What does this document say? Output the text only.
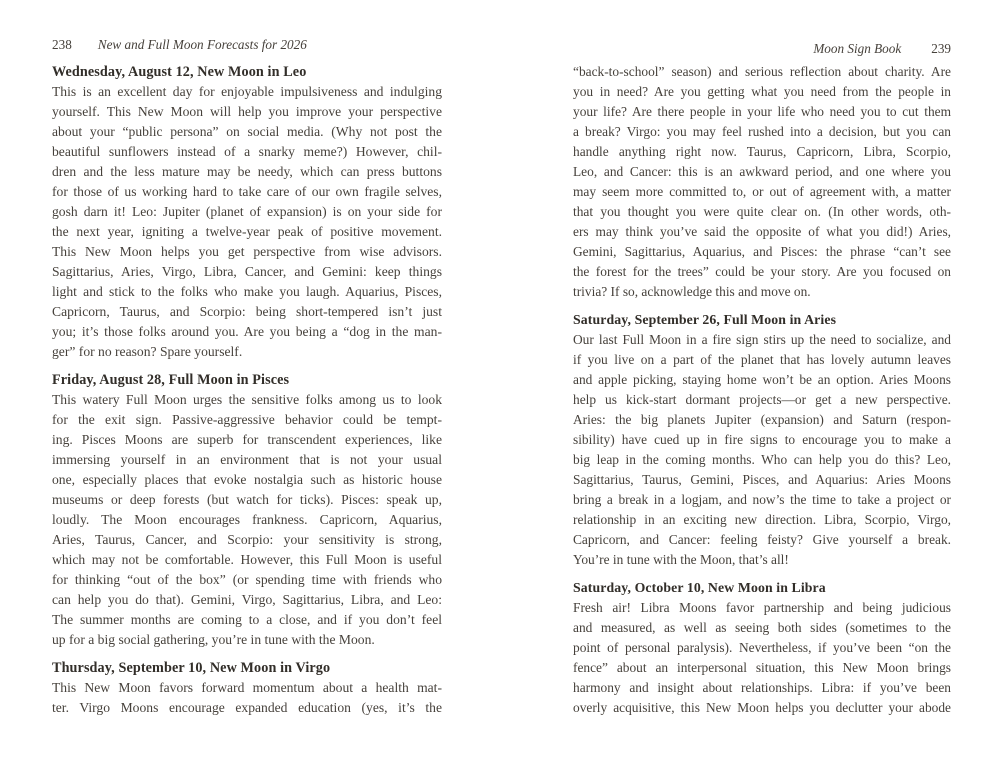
238 New and Full Moon Forecasts for 2026
Wednesday, August 12, New Moon in Leo
This is an excellent day for enjoyable impulsiveness and indulging
yourself. This New Moon will help you improve your perspective
about your “public persona” on social media. (Why not post the
beautiful sunflowers instead of a snarky meme?) However, chil-
dren and the less mature may be needy, which can press buttons
for those of us working hard to take care of our own fragile selves,
gosh darn it! Leo: Jupiter (planet of expansion) is on your side for
the next year, igniting a twelve-year peak of positive movement.
This New Moon helps you get perspective from wise advisors.
Sagittarius, Aries, Virgo, Libra, Cancer, and Gemini: keep things
light and stick to the folks who make you laugh. Aquarius, Pisces,
Capricorn, Taurus, and Scorpio: being short-tempered isn’t just
you; it’s those folks around you. Are you being a “dog in the man-
ger” for no reason? Spare yourself.
Friday, August 28, Full Moon in Pisces
This watery Full Moon urges the sensitive folks among us to look
for the exit sign. Passive-aggressive behavior could be tempt-
ing. Pisces Moons are superb for transcendent experiences, like
immersing yourself in an environment that is not your usual
one, especially places that evoke nostalgia such as historic house
museums or deep forests (but watch for ticks). Pisces: speak up,
loudly. The Moon encourages frankness. Capricorn, Aquarius,
Aries, Taurus, Cancer, and Scorpio: your sensitivity is strong,
which may not be comfortable. However, this Full Moon is useful
for thinking “out of the box” (or spending time with friends who
can help you do that). Gemini, Virgo, Sagittarius, Libra, and Leo:
The summer months are coming to a close, and if you don’t feel
up for a big social gathering, you’re in tune with the Moon.
Thursday, September 10, New Moon in Virgo
This New Moon favors forward momentum about a health mat-
ter. Virgo Moons encourage expanded education (yes, it’s the
Moon Sign Book 239
“back-to-school” season) and serious reflection about charity. Are
you in need? Are you getting what you need from the people in
your life? Are there people in your life who need you to cut them
a break? Virgo: you may feel rushed into a decision, but you can
handle anything right now. Taurus, Capricorn, Libra, Scorpio,
Leo, and Cancer: this is an awkward period, and one where you
may seem more committed to, or out of agreement with, a matter
that you thought you were quite clear on. (In other words, oth-
ers may think you’ve said the opposite of what you did!) Aries,
Gemini, Sagittarius, Aquarius, and Pisces: the phrase “can’t see
the forest for the trees” could be your story. Are you focused on
trivia? If so, acknowledge this and move on.
Saturday, September 26, Full Moon in Aries
Our last Full Moon in a fire sign stirs up the need to socialize, and
if you live on a part of the planet that has lovely autumn leaves
and apple picking, staying home won’t be an option. Aries Moons
help us kick-start dormant projects—or get a new perspective.
Aries: the big planets Jupiter (expansion) and Saturn (respon-
sibility) have cued up in fire signs to encourage you to make a
big leap in the coming months. Who can help you do this? Leo,
Sagittarius, Taurus, Gemini, Pisces, and Aquarius: Aries Moons
bring a break in a logjam, and now’s the time to take a project or
relationship in an exciting new direction. Libra, Scorpio, Virgo,
Capricorn, and Cancer: feeling feisty? Give yourself a break.
You’re in tune with the Moon, that’s all!
Saturday, October 10, New Moon in Libra
Fresh air! Libra Moons favor partnership and being judicious
and measured, as well as seeing both sides (sometimes to the
point of personal paralysis). Nevertheless, if you’ve been “on the
fence” about an interpersonal situation, this New Moon brings
harmony and insight about relationships. Libra: if you’ve been
overly acquisitive, this New Moon helps you declutter your abode
